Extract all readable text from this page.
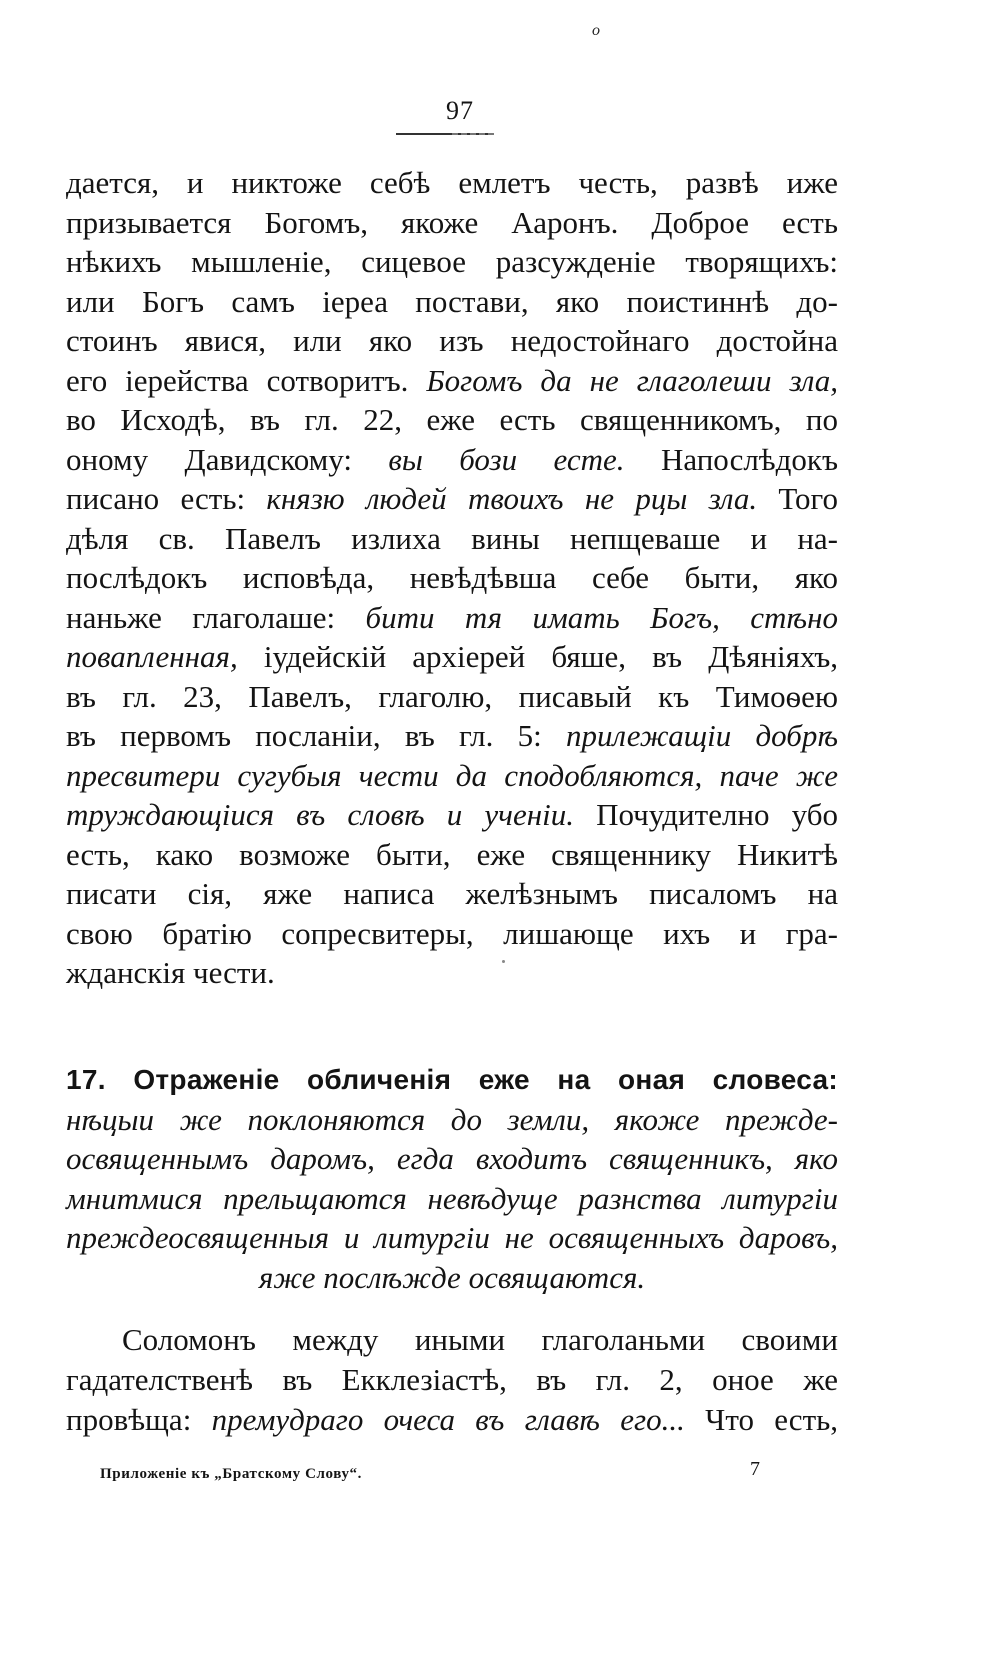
о
97
дается, и никтоже себѣ емлетъ честь, развѣ иже
призывается Богомъ, якоже Ааронъ. Доброе есть
нѣкихъ мышленіе, сицевое разсужденіе творящихъ:
или Богъ самъ іереа постави, яко поистиннѣ до-
стоинъ явися, или яко изъ недостойнаго достойна
его іерейства сотворитъ. Богомъ да не глаголеши зла,
во Исходѣ, въ гл. 22, еже есть священникомъ, по
оному Давидскому: вы бози есте. Напослѣдокъ
писано есть: князю людей твоихъ не рцы зла. Того
дѣля св. Павелъ излиха вины непщеваше и на-
послѣдокъ исповѣда, невѣдѣвша себе быти, яко
наньже глаголаше: бити тя имать Богъ, стѣно
повапленная, іудейскій архіерей бяше, въ Дѣяніяхъ,
въ гл. 23, Павелъ, глаголю, писавый къ Тимоѳею
въ первомъ посланіи, въ гл. 5: прилежащіи добрѣ
пресвитери сугубыя чести да сподобляются, паче же
труждающіися въ словѣ и ученіи. Почудително убо
есть, како возможе быти, еже священнику Никитѣ
писати сія, яже написа желѣзнымъ писаломъ на
свою братію сопресвитеры, лишающе ихъ и гра-
жданскія чести.
17. Отраженіе обличенія еже на оная словеса:
нѣцыи же поклоняются до земли, якоже прежде-
освященнымъ даромъ, егда входитъ священникъ, яко
мнитмися прельщаются невѣдуще разнства литургіи
преждеосвященныя и литургіи не освященныхъ даровъ,
яже послѣжде освящаются.
Соломонъ между иными глаголаньми своими
гадателственѣ въ Екклезіастѣ, въ гл. 2, оное же
провѣща: премудрагo очеса въ главѣ его... Что есть,
Приложеніе къ „Братскому Слову“.	7
